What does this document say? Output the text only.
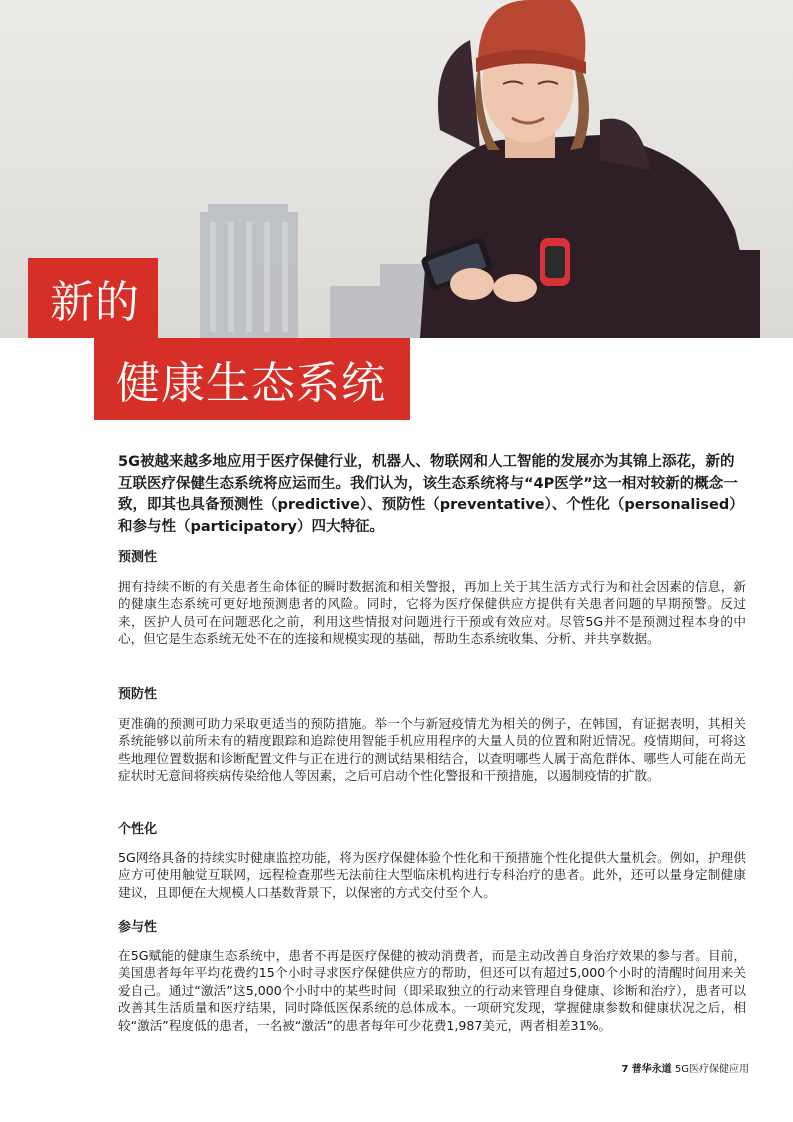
新的
健康生态系统
5G被越来越多地应用于医疗保健行业，机器人、物联网和人工智能的发展亦为其锦上添花，新的互联医疗保健生态系统将应运而生。我们认为，该生态系统将与“4P医学”这一相对较新的概念一致，即其也具备预测性（predictive）、预防性（preventative）、个性化（personalised）和参与性（participatory）四大特征。
预测性
拥有持续不断的有关患者生命体征的瞬时数据流和相关警报，再加上关于其生活方式行为和社会因素的信息，新的健康生态系统可更好地预测患者的风险。同时，它将为医疗保健供应方提供有关患者问题的早期预警。反过来，医护人员可在问题恶化之前，利用这些情报对问题进行干预或有效应对。尽管5G并不是预测过程本身的中心，但它是生态系统无处不在的连接和规模实现的基础，帮助生态系统收集、分析、并共享数据。
预防性
更准确的预测可助力采取更适当的预防措施。举一个与新冠疫情尤为相关的例子，在韩国，有证据表明，其相关系统能够以前所未有的精度跟踪和追踪使用智能手机应用程序的大量人员的位置和附近情况。疫情期间，可将这些地理位置数据和诊断配置文件与正在进行的测试结果相结合，以查明哪些人属于高危群体、哪些人可能在尚无症状时无意间将疾病传染给他人等因素，之后可启动个性化警报和干预措施，以遏制疫情的扩散。
个性化
5G网络具备的持续实时健康监控功能，将为医疗保健体验个性化和干预措施个性化提供大量机会。例如，护理供应方可使用触觉互联网，远程检查那些无法前往大型临床机构进行专科治疗的患者。此外，还可以量身定制健康建议，且即便在大规模人口基数背景下，以保密的方式交付至个人。
参与性
在5G赋能的健康生态系统中，患者不再是医疗保健的被动消费者，而是主动改善自身治疗效果的参与者。目前，美国患者每年平均花费约15个小时寻求医疗保健供应方的帮助，但还可以有超过5,000个小时的清醒时间用来关爱自己。通过“激活”这5,000个小时中的某些时间（即采取独立的行动来管理自身健康、诊断和治疗），患者可以改善其生活质量和医疗结果，同时降低医保系统的总体成本。一项研究发现，掌握健康参数和健康状况之后，相较“激活”程度低的患者，一名被“激活”的患者每年可少花费1,987美元，两者相差31%。
7 普华永道 5G医疗保健应用
